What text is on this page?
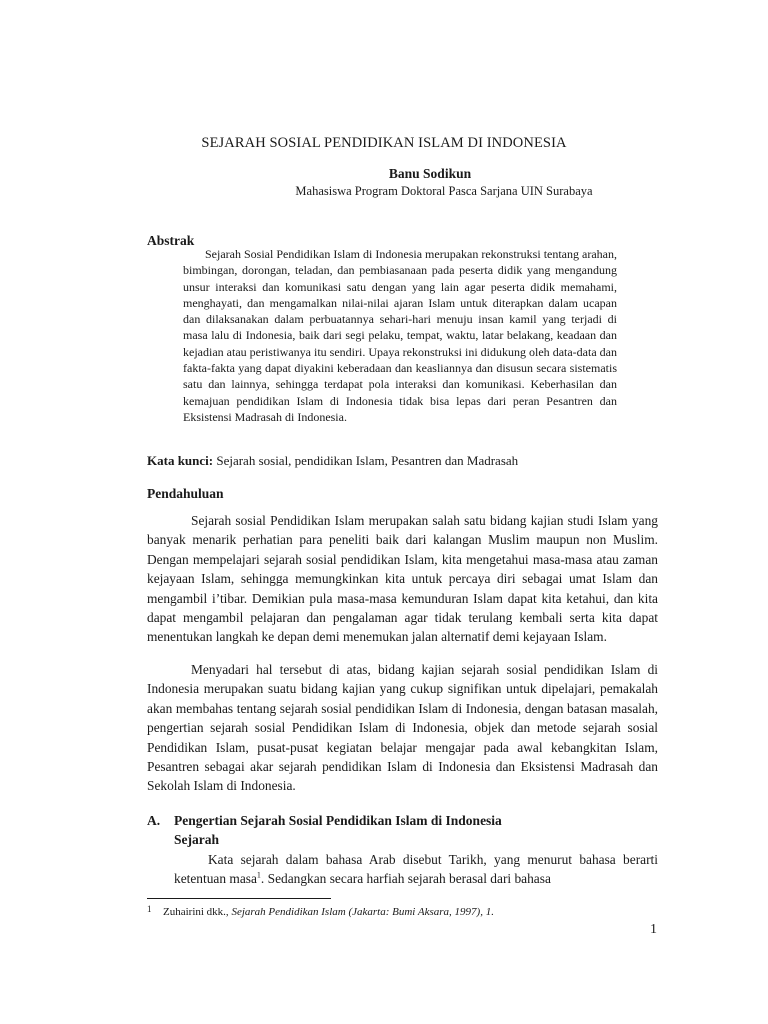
SEJARAH SOSIAL PENDIDIKAN ISLAM DI INDONESIA

Banu Sodikun

Mahasiswa Program Doktoral Pasca Sarjana UIN Surabaya

Abstrak

Sejarah Sosial Pendidikan Islam di Indonesia merupakan rekonstruksi tentang arahan, bimbingan, dorongan, teladan, dan pembiasanaan pada peserta didik yang mengandung unsur interaksi dan komunikasi satu dengan yang lain agar peserta didik memahami, menghayati, dan mengamalkan nilai-nilai ajaran Islam untuk diterapkan dalam ucapan dan dilaksanakan dalam perbuatannya sehari-hari menuju insan kamil yang terjadi di masa lalu di Indonesia, baik dari segi pelaku, tempat, waktu, latar belakang, keadaan dan kejadian atau peristiwanya itu sendiri. Upaya rekonstruksi ini didukung oleh data-data dan fakta-fakta yang dapat diyakini keberadaan dan keasliannya dan disusun secara sistematis satu dan lainnya, sehingga terdapat pola interaksi dan komunikasi. Keberhasilan dan kemajuan pendidikan Islam di Indonesia tidak bisa lepas dari peran Pesantren dan Eksistensi Madrasah di Indonesia.

Kata kunci: Sejarah sosial, pendidikan Islam, Pesantren dan Madrasah

Pendahuluan

Sejarah sosial Pendidikan Islam merupakan salah satu bidang kajian studi Islam yang banyak menarik perhatian para peneliti baik dari kalangan Muslim maupun non Muslim. Dengan mempelajari sejarah sosial pendidikan Islam, kita mengetahui masa-masa atau zaman kejayaan Islam, sehingga memungkinkan kita untuk percaya diri sebagai umat Islam dan mengambil i’tibar. Demikian pula masa-masa kemunduran Islam dapat kita ketahui, dan kita dapat mengambil pelajaran dan pengalaman agar tidak terulang kembali serta kita dapat menentukan langkah ke depan demi menemukan jalan alternatif demi kejayaan Islam.

Menyadari hal tersebut di atas, bidang kajian sejarah sosial pendidikan Islam di Indonesia merupakan suatu bidang kajian yang cukup signifikan untuk dipelajari, pemakalah akan membahas tentang sejarah sosial pendidikan Islam di Indonesia, dengan batasan masalah, pengertian sejarah sosial Pendidikan Islam di Indonesia, objek dan metode sejarah sosial Pendidikan Islam, pusat-pusat kegiatan belajar mengajar pada awal kebangkitan Islam, Pesantren sebagai akar sejarah pendidikan Islam di Indonesia dan Eksistensi Madrasah dan Sekolah Islam di Indonesia.

A. Pengertian Sejarah Sosial Pendidikan Islam di Indonesia

Sejarah

Kata sejarah dalam bahasa Arab disebut Tarikh, yang menurut bahasa berarti ketentuan masa$^1$. Sedangkan secara harfiah sejarah berasal dari bahasa

1 Zuhairini dkk., Sejarah Pendidikan Islam (Jakarta: Bumi Aksara, 1997), 1.

1
